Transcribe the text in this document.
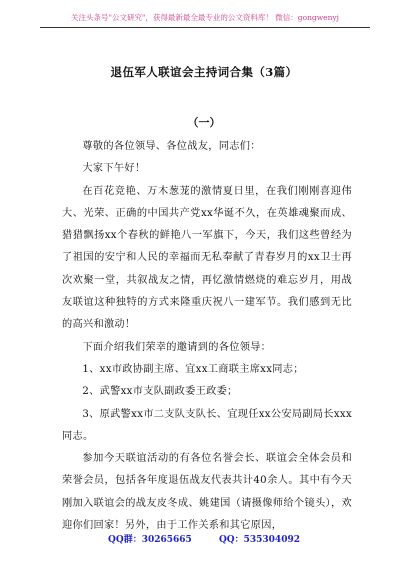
关注头条号"公文研究"，获得最新最全最专业的公文资料库！ 微信：gongwenyj
退伍军人联谊会主持词合集（3篇）
（一）

尊敬的各位领导、各位战友，同志们：

大家下午好！

在百花竞艳、万木葱茏的激情夏日里，在我们刚刚喜迎伟大、光荣、正确的中国共产党xx华诞不久，在英雄魂聚而成、猎猎飘扬xx个春秋的鲜艳八一军旗下，今天，我们这些曾经为了祖国的安宁和人民的幸福而无私奉献了青春岁月的xx卫士再次欢聚一堂，共叙战友之情，再忆激情燃烧的难忘岁月，用战友联谊这种独特的方式来隆重庆祝八一建军节。我们感到无比的高兴和激动！

下面介绍我们荣幸的邀请到的各位领导：

1、xx市政协副主席、宜xx工商联主席xx同志；

2、武警xx市支队副政委王政委；

3、原武警xx市二支队支队长、宜现任xx公安局副局长xxx同志。

参加今天联谊活动的有各位名誉会长、联谊会全体会员和荣誉会员，包括各年度退伍战友代表共计40余人。其中有今天刚加入联谊会的战友皮冬成、姚建国（请摄像师给个镜头），欢迎你们回家！另外，由于工作关系和其它原因，

QQ群：30265665	QQ：535304092
